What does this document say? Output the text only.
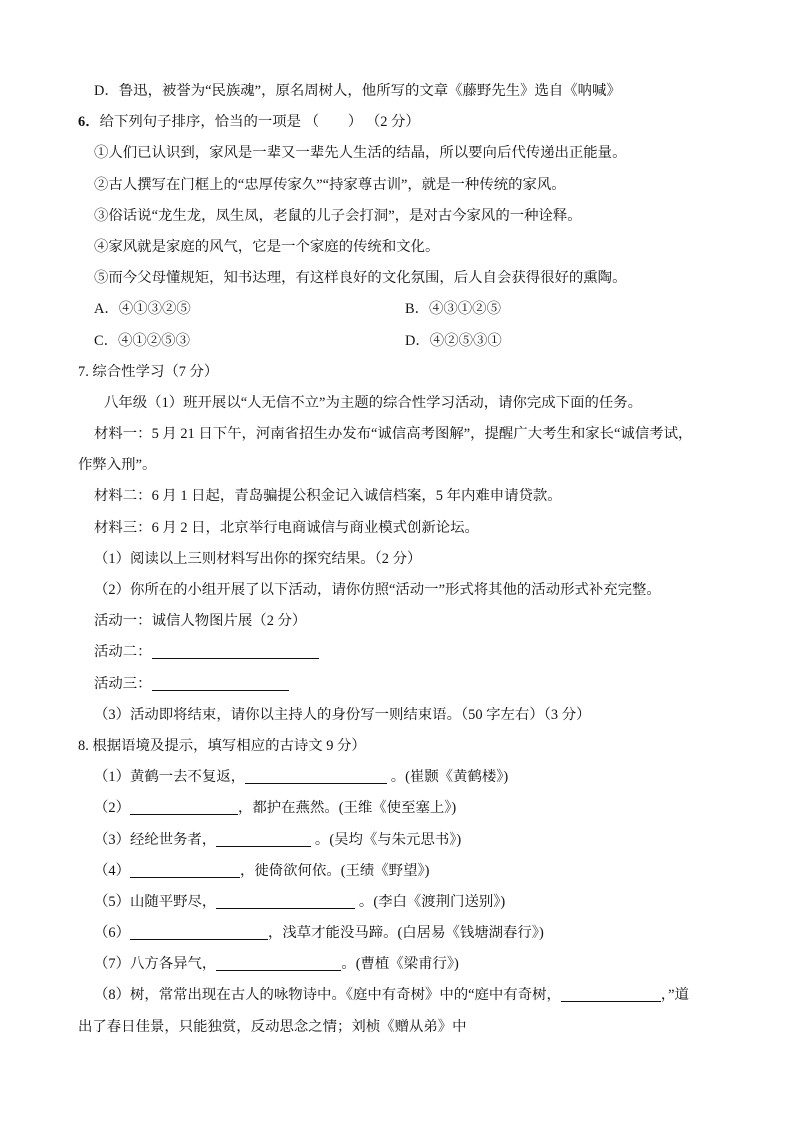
D．鲁迅，被誉为“民族魂”，原名周树人，他所写的文章《藤野先生》选自《呐喊》
6．给下列句子排序，恰当的一项是 （　　） （2 分）
①人们已认识到，家风是一辈又一辈先人生活的结晶，所以要向后代传递出正能量。
②古人撰写在门框上的“忠厚传家久”“持家尊古训”，就是一种传统的家风。
③俗话说“龙生龙，凤生凤，老鼠的儿子会打洞”，是对古今家风的一种诠释。
④家风就是家庭的风气，它是一个家庭的传统和文化。
⑤而今父母懂规矩，知书达理，有这样良好的文化氛围，后人自会获得很好的熏陶。
A．④①③②⑤	B．④③①②⑤
C．④①②⑤③	D．④②⑤③①
7. 综合性学习（7 分）
八年级（1）班开展以“人无信不立”为主题的综合性学习活动，请你完成下面的任务。
材料一：5 月 21 日下午，河南省招生办发布“诚信高考图解”，提醒广大考生和家长“诚信考试，
作弊入刑”。
材料二：6 月 1 日起，青岛骗提公积金记入诚信档案，5 年内难申请贷款。
材料三：6 月 2 日，北京举行电商诚信与商业模式创新论坛。
（1）阅读以上三则材料写出你的探究结果。（2 分）
（2）你所在的小组开展了以下活动，请你仿照“活动一”形式将其他的活动形式补充完整。
活动一：诚信人物图片展（2 分）
活动二：
活动三：
（3）活动即将结束，请你以主持人的身份写一则结束语。（50 字左右）（3 分）
8. 根据语境及提示，填写相应的古诗文 9 分）
（1）黄鹤一去不复返，	。(崔颢《黄鹤楼》)
（2）	，都护在燕然。(王维《使至塞上》)
（3）经纶世务者，	。(吴均《与朱元思书》)
（4）	，徙倚欲何依。(王绩《野望》)
（5）山随平野尽，	。(李白《渡荆门送别》)
（6）	，浅草才能没马蹄。(白居易《钱塘湖春行》)
（7）八方各异气，	。(曹植《梁甫行》)
（8）树，常常出现在古人的咏物诗中。《庭中有奇树》中的“庭中有奇树，	，”道
出了春日佳景，只能独赏，反动思念之情；刘桢《赠从弟》中
